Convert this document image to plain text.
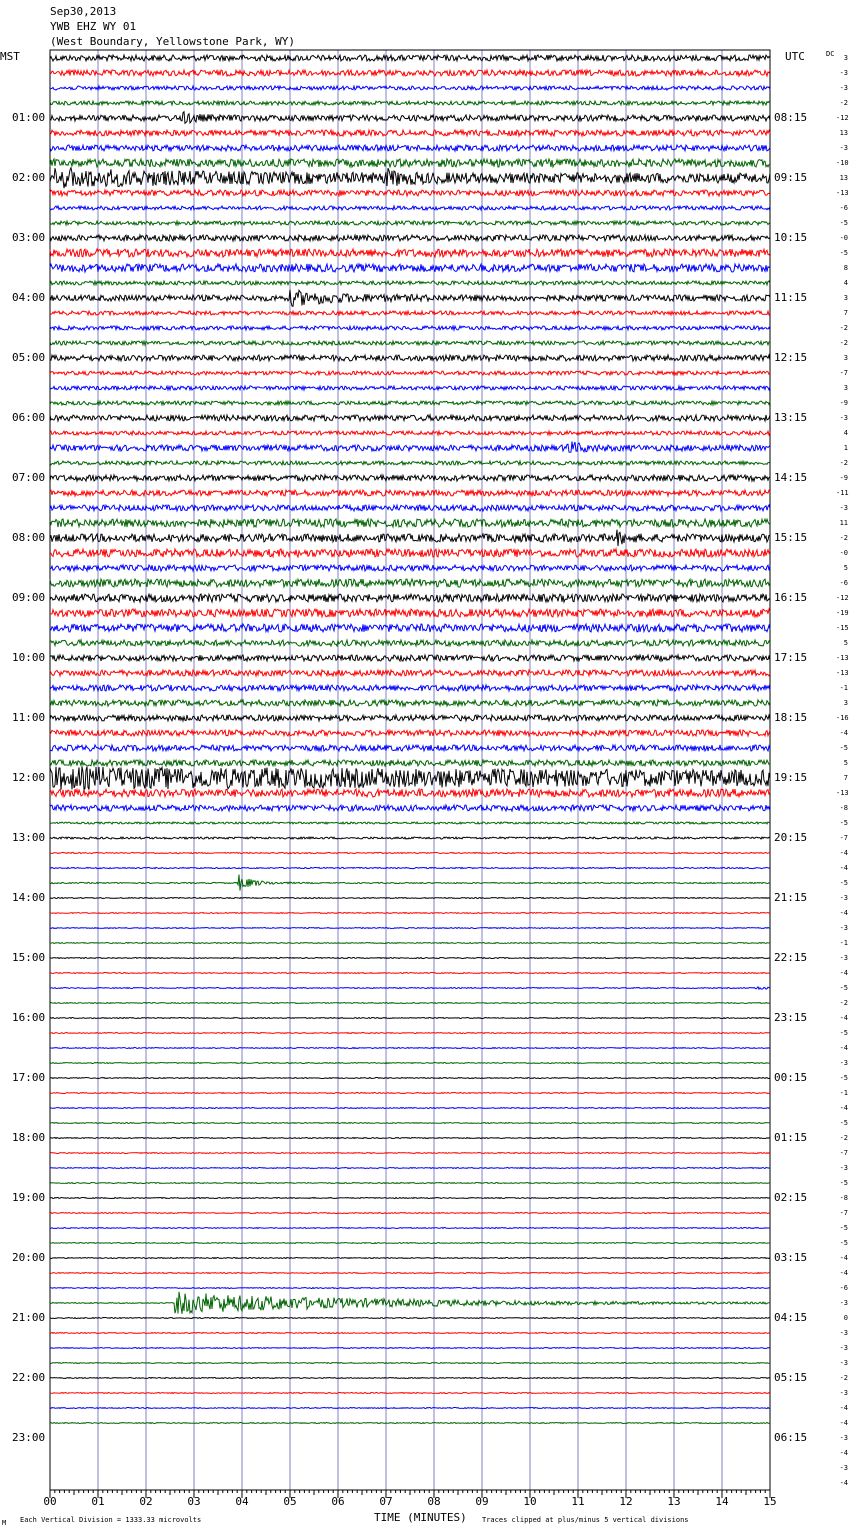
00	01	02	03	04	05	06	07	08	09	10	11	12	13	14	15
Sep30,2013
YWB EHZ WY 01
(West Boundary, Yellowstone Park, WY)
MST	UTC	DC
01:00
02:00
03:00
04:00
05:00
06:00
07:00
08:00
09:00
10:00
11:00
12:00
13:00
14:00
15:00
16:00
17:00
18:00
19:00
20:00
21:00
22:00
23:00
08:15
09:15
10:15
11:15
12:15
13:15
14:15
15:15
16:15
17:15
18:15
19:15
20:15
21:15
22:15
23:15
00:15
01:15
02:15
03:15
04:15
05:15
06:15
3
-3
-3
-2
-12
13
-3
-10
13
-13
-6
-5
-0
-5
8
4
3
7
-2
-2
3
-7
3
-9
-3
4
1
-2
-9
-11
-3
11
-2
-0
5
-6
-12
-19
-15
5
-13
-13
-1
3
-16
-4
-5
5
7
-13
-8
-5
-7
-4
-4
-5
-3
-4
-3
-1
-3
-4
-5
-2
-4
-5
-4
-3
-5
-1
-4
-5
-2
-7
-3
-5
-8
-7
-5
-5
-4
-4
-6
-3
0
-3
-3
-3
-2
-3
-4
-4
-3
-4
-3
-4
TIME (MINUTES)
Each Vertical Division = 1333.33 microvolts	Traces clipped at plus/minus 5 vertical divisions
M
